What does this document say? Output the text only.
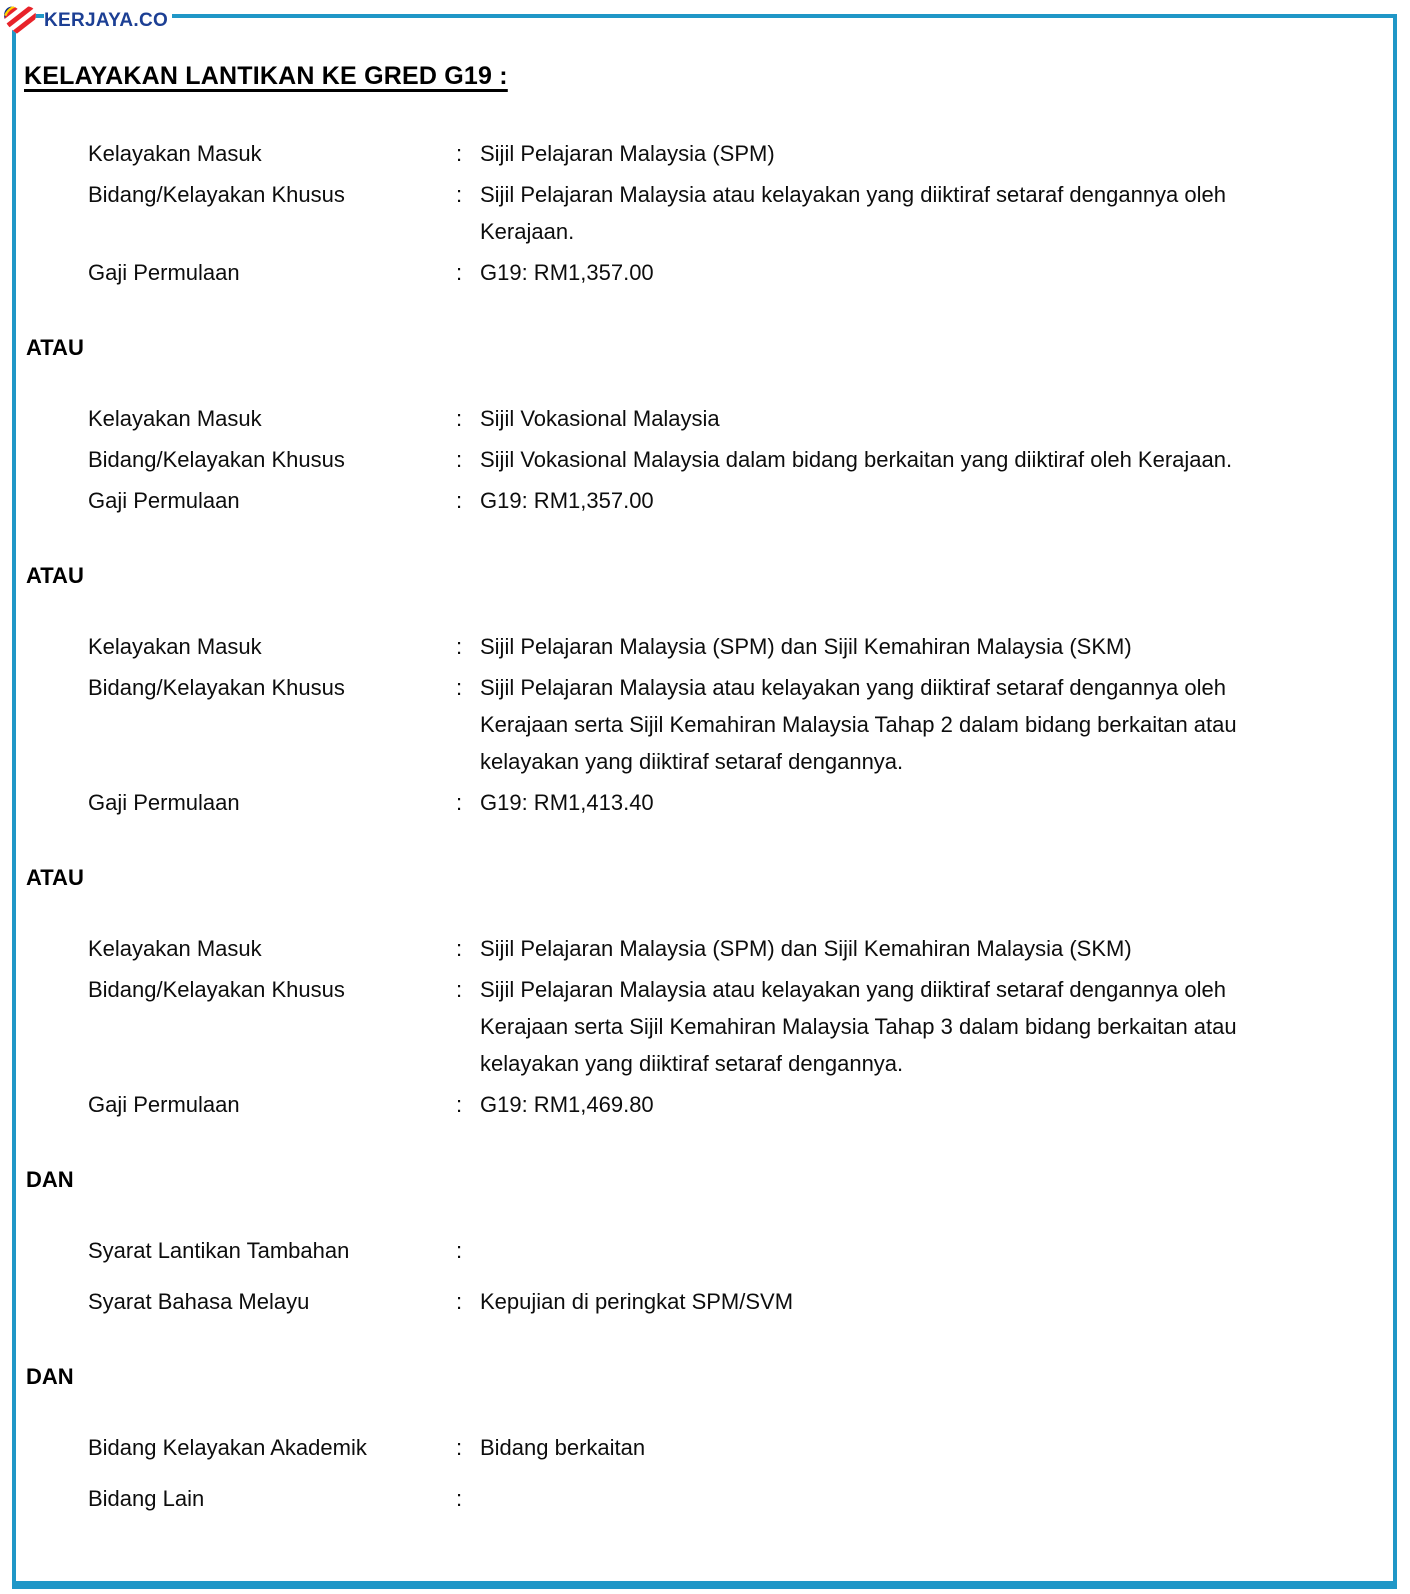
KERJAYA.CO
KELAYAKAN LANTIKAN KE GRED G19 :
Kelayakan Masuk	: Sijil Pelajaran Malaysia (SPM)
Bidang/Kelayakan Khusus	: Sijil Pelajaran Malaysia atau kelayakan yang diiktiraf setaraf dengannya oleh Kerajaan.
Gaji Permulaan	: G19: RM1,357.00
ATAU
Kelayakan Masuk	: Sijil Vokasional Malaysia
Bidang/Kelayakan Khusus	: Sijil Vokasional Malaysia dalam bidang berkaitan yang diiktiraf oleh Kerajaan.
Gaji Permulaan	: G19: RM1,357.00
ATAU
Kelayakan Masuk	: Sijil Pelajaran Malaysia (SPM) dan Sijil Kemahiran Malaysia (SKM)
Bidang/Kelayakan Khusus	: Sijil Pelajaran Malaysia atau kelayakan yang diiktiraf setaraf dengannya oleh Kerajaan serta Sijil Kemahiran Malaysia Tahap 2 dalam bidang berkaitan atau kelayakan yang diiktiraf setaraf dengannya.
Gaji Permulaan	: G19: RM1,413.40
ATAU
Kelayakan Masuk	: Sijil Pelajaran Malaysia (SPM) dan Sijil Kemahiran Malaysia (SKM)
Bidang/Kelayakan Khusus	: Sijil Pelajaran Malaysia atau kelayakan yang diiktiraf setaraf dengannya oleh Kerajaan serta Sijil Kemahiran Malaysia Tahap 3 dalam bidang berkaitan atau kelayakan yang diiktiraf setaraf dengannya.
Gaji Permulaan	: G19: RM1,469.80
DAN
Syarat Lantikan Tambahan	:
Syarat Bahasa Melayu	: Kepujian di peringkat SPM/SVM
DAN
Bidang Kelayakan Akademik	: Bidang berkaitan
Bidang Lain	:
